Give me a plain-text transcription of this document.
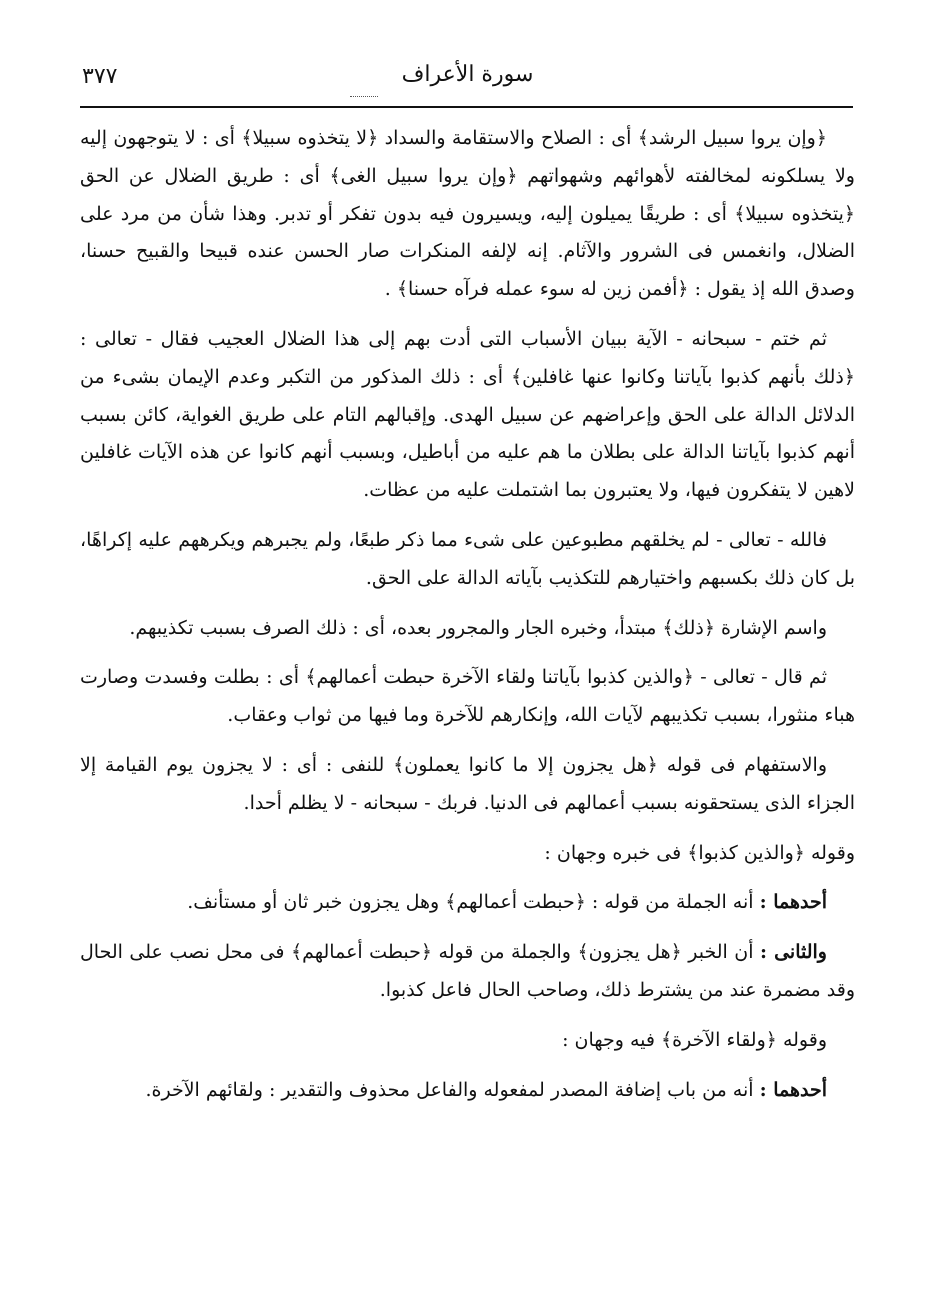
٣٧٧	سورة الأعراف

﴿وإن يروا سبيل الرشد﴾ أى : الصلاح والاستقامة والسداد ﴿لا يتخذوه سبيلا﴾ أى : لا يتوجهون إليه ولا يسلكونه لمخالفته لأهوائهم وشهواتهم ﴿وإن يروا سبيل الغى﴾ أى : طريق الضلال عن الحق ﴿يتخذوه سبيلا﴾ أى : طريقًا يميلون إليه، ويسيرون فيه بدون تفكر أو تدبر. وهذا شأن من مرد على الضلال، وانغمس فى الشرور والآثام. إنه لإلفه المنكرات صار الحسن عنده قبيحا والقبيح حسنا، وصدق الله إذ يقول : ﴿أفمن زين له سوء عمله فرآه حسنا﴾ .

ثم ختم - سبحانه - الآية ببيان الأسباب التى أدت بهم إلى هذا الضلال العجيب فقال - تعالى : ﴿ذلك بأنهم كذبوا بآياتنا وكانوا عنها غافلين﴾ أى : ذلك المذكور من التكبر وعدم الإيمان بشىء من الدلائل الدالة على الحق وإعراضهم عن سبيل الهدى. وإقبالهم التام على طريق الغواية، كائن بسبب أنهم كذبوا بآياتنا الدالة على بطلان ما هم عليه من أباطيل، وبسبب أنهم كانوا عن هذه الآيات غافلين لاهين لا يتفكرون فيها، ولا يعتبرون بما اشتملت عليه من عظات.

فالله - تعالى - لم يخلقهم مطبوعين على شىء مما ذكر طبعًا، ولم يجبرهم ويكرههم عليه إكراهًا، بل كان ذلك بكسبهم واختيارهم للتكذيب بآياته الدالة على الحق.

واسم الإشارة ﴿ذلك﴾ مبتدأ، وخبره الجار والمجرور بعده، أى : ذلك الصرف بسبب تكذيبهم.

ثم قال - تعالى - ﴿والذين كذبوا بآياتنا ولقاء الآخرة حبطت أعمالهم﴾ أى : بطلت وفسدت وصارت هباء منثورا، بسبب تكذيبهم لآيات الله، وإنكارهم للآخرة وما فيها من ثواب وعقاب.

والاستفهام فى قوله ﴿هل يجزون إلا ما كانوا يعملون﴾ للنفى : أى : لا يجزون يوم القيامة إلا الجزاء الذى يستحقونه بسبب أعمالهم فى الدنيا. فربك - سبحانه - لا يظلم أحدا.

وقوله ﴿والذين كذبوا﴾ فى خبره وجهان :

أحدهما : أنه الجملة من قوله : ﴿حبطت أعمالهم﴾ وهل يجزون خبر ثان أو مستأنف.

والثانى : أن الخبر ﴿هل يجزون﴾ والجملة من قوله ﴿حبطت أعمالهم﴾ فى محل نصب على الحال وقد مضمرة عند من يشترط ذلك، وصاحب الحال فاعل كذبوا.

وقوله ﴿ولقاء الآخرة﴾ فيه وجهان :

أحدهما : أنه من باب إضافة المصدر لمفعوله والفاعل محذوف والتقدير : ولقائهم الآخرة.
